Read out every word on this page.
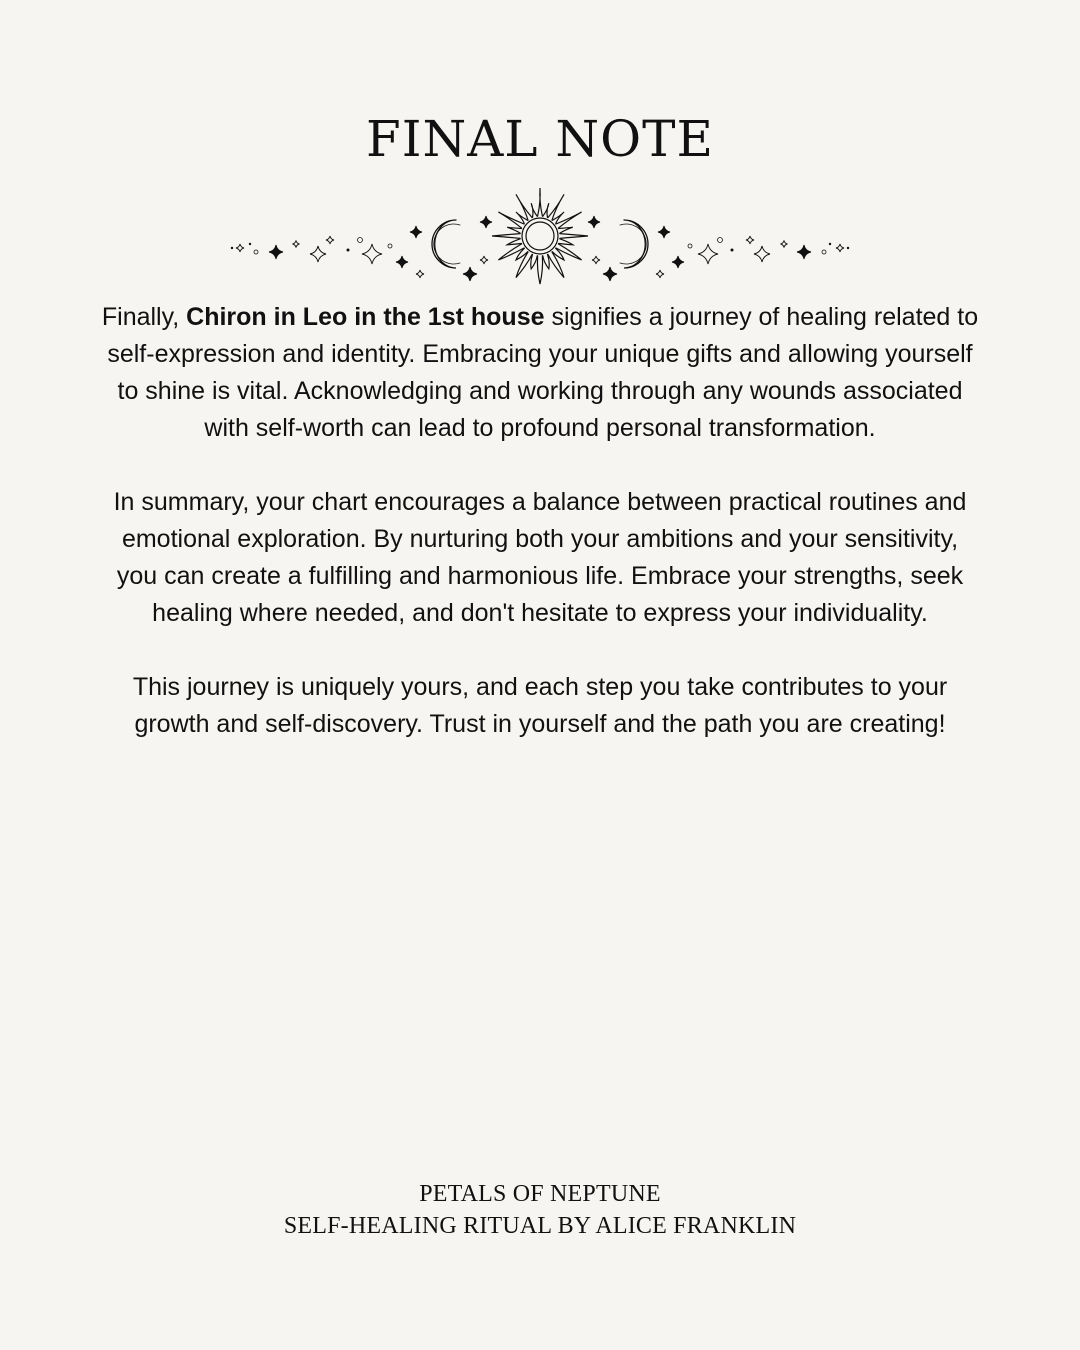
FINAL NOTE

Finally, Chiron in Leo in the 1st house signifies a journey of healing related to self-expression and identity. Embracing your unique gifts and allowing yourself to shine is vital. Acknowledging and working through any wounds associated with self-worth can lead to profound personal transformation.

In summary, your chart encourages a balance between practical routines and emotional exploration. By nurturing both your ambitions and your sensitivity, you can create a fulfilling and harmonious life. Embrace your strengths, seek healing where needed, and don't hesitate to express your individuality.

This journey is uniquely yours, and each step you take contributes to your growth and self-discovery. Trust in yourself and the path you are creating!

PETALS OF NEPTUNE
SELF-HEALING RITUAL BY ALICE FRANKLIN
